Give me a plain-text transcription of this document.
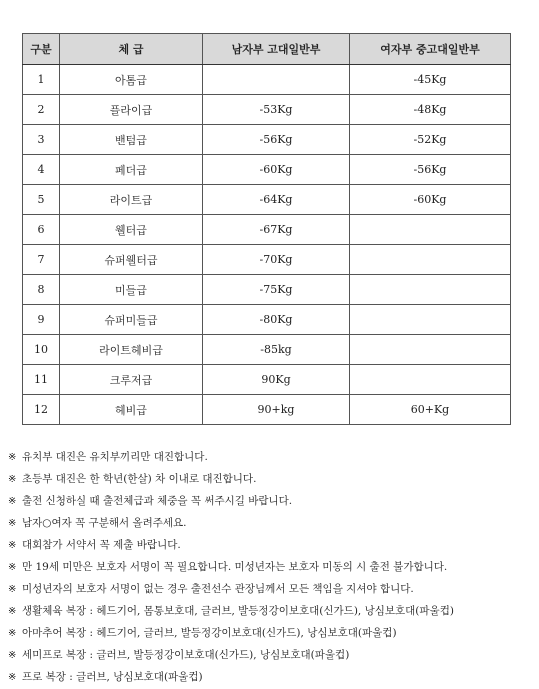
구분	체 급	남자부 고대일반부	여자부 중고대일반부
1	아톰급		-45Kg
2	플라이급	-53Kg	-48Kg
3	밴텀급	-56Kg	-52Kg
4	페더급	-60Kg	-56Kg
5	라이트급	-64Kg	-60Kg
6	웰터급	-67Kg	
7	슈퍼웰터급	-70Kg	
8	미들급	-75Kg	
9	슈퍼미들급	-80Kg	
10	라이트헤비급	-85kg	
11	크루저급	90Kg	
12	헤비급	90+kg	60+Kg
※ 유치부 대진은 유치부끼리만 대진합니다.
※ 초등부 대진은 한 학년(한살) 차 이내로 대진합니다.
※ 출전 신청하실 때 출전체급과 체중을 꼭 써주시길 바랍니다.
※ 남자○여자 꼭 구분해서 올려주세요.
※ 대회참가 서약서 꼭 제출 바랍니다.
※ 만 19세 미만은 보호자 서명이 꼭 필요합니다. 미성년자는 보호자 미동의 시 출전 불가합니다.
※ 미성년자의 보호자 서명이 없는 경우 출전선수 관장님께서 모든 책임을 지셔야 합니다.
※ 생활체육 복장 : 헤드기어, 몸통보호대, 글러브, 발등정강이보호대(신가드), 낭심보호대(파울컵)
※ 아마추어 복장 : 헤드기어, 글러브, 발등정강이보호대(신가드), 낭심보호대(파울컵)
※ 세미프로 복장 : 글러브, 발등정강이보호대(신가드), 낭심보호대(파울컵)
※ 프로 복장 : 글러브, 낭심보호대(파울컵)
